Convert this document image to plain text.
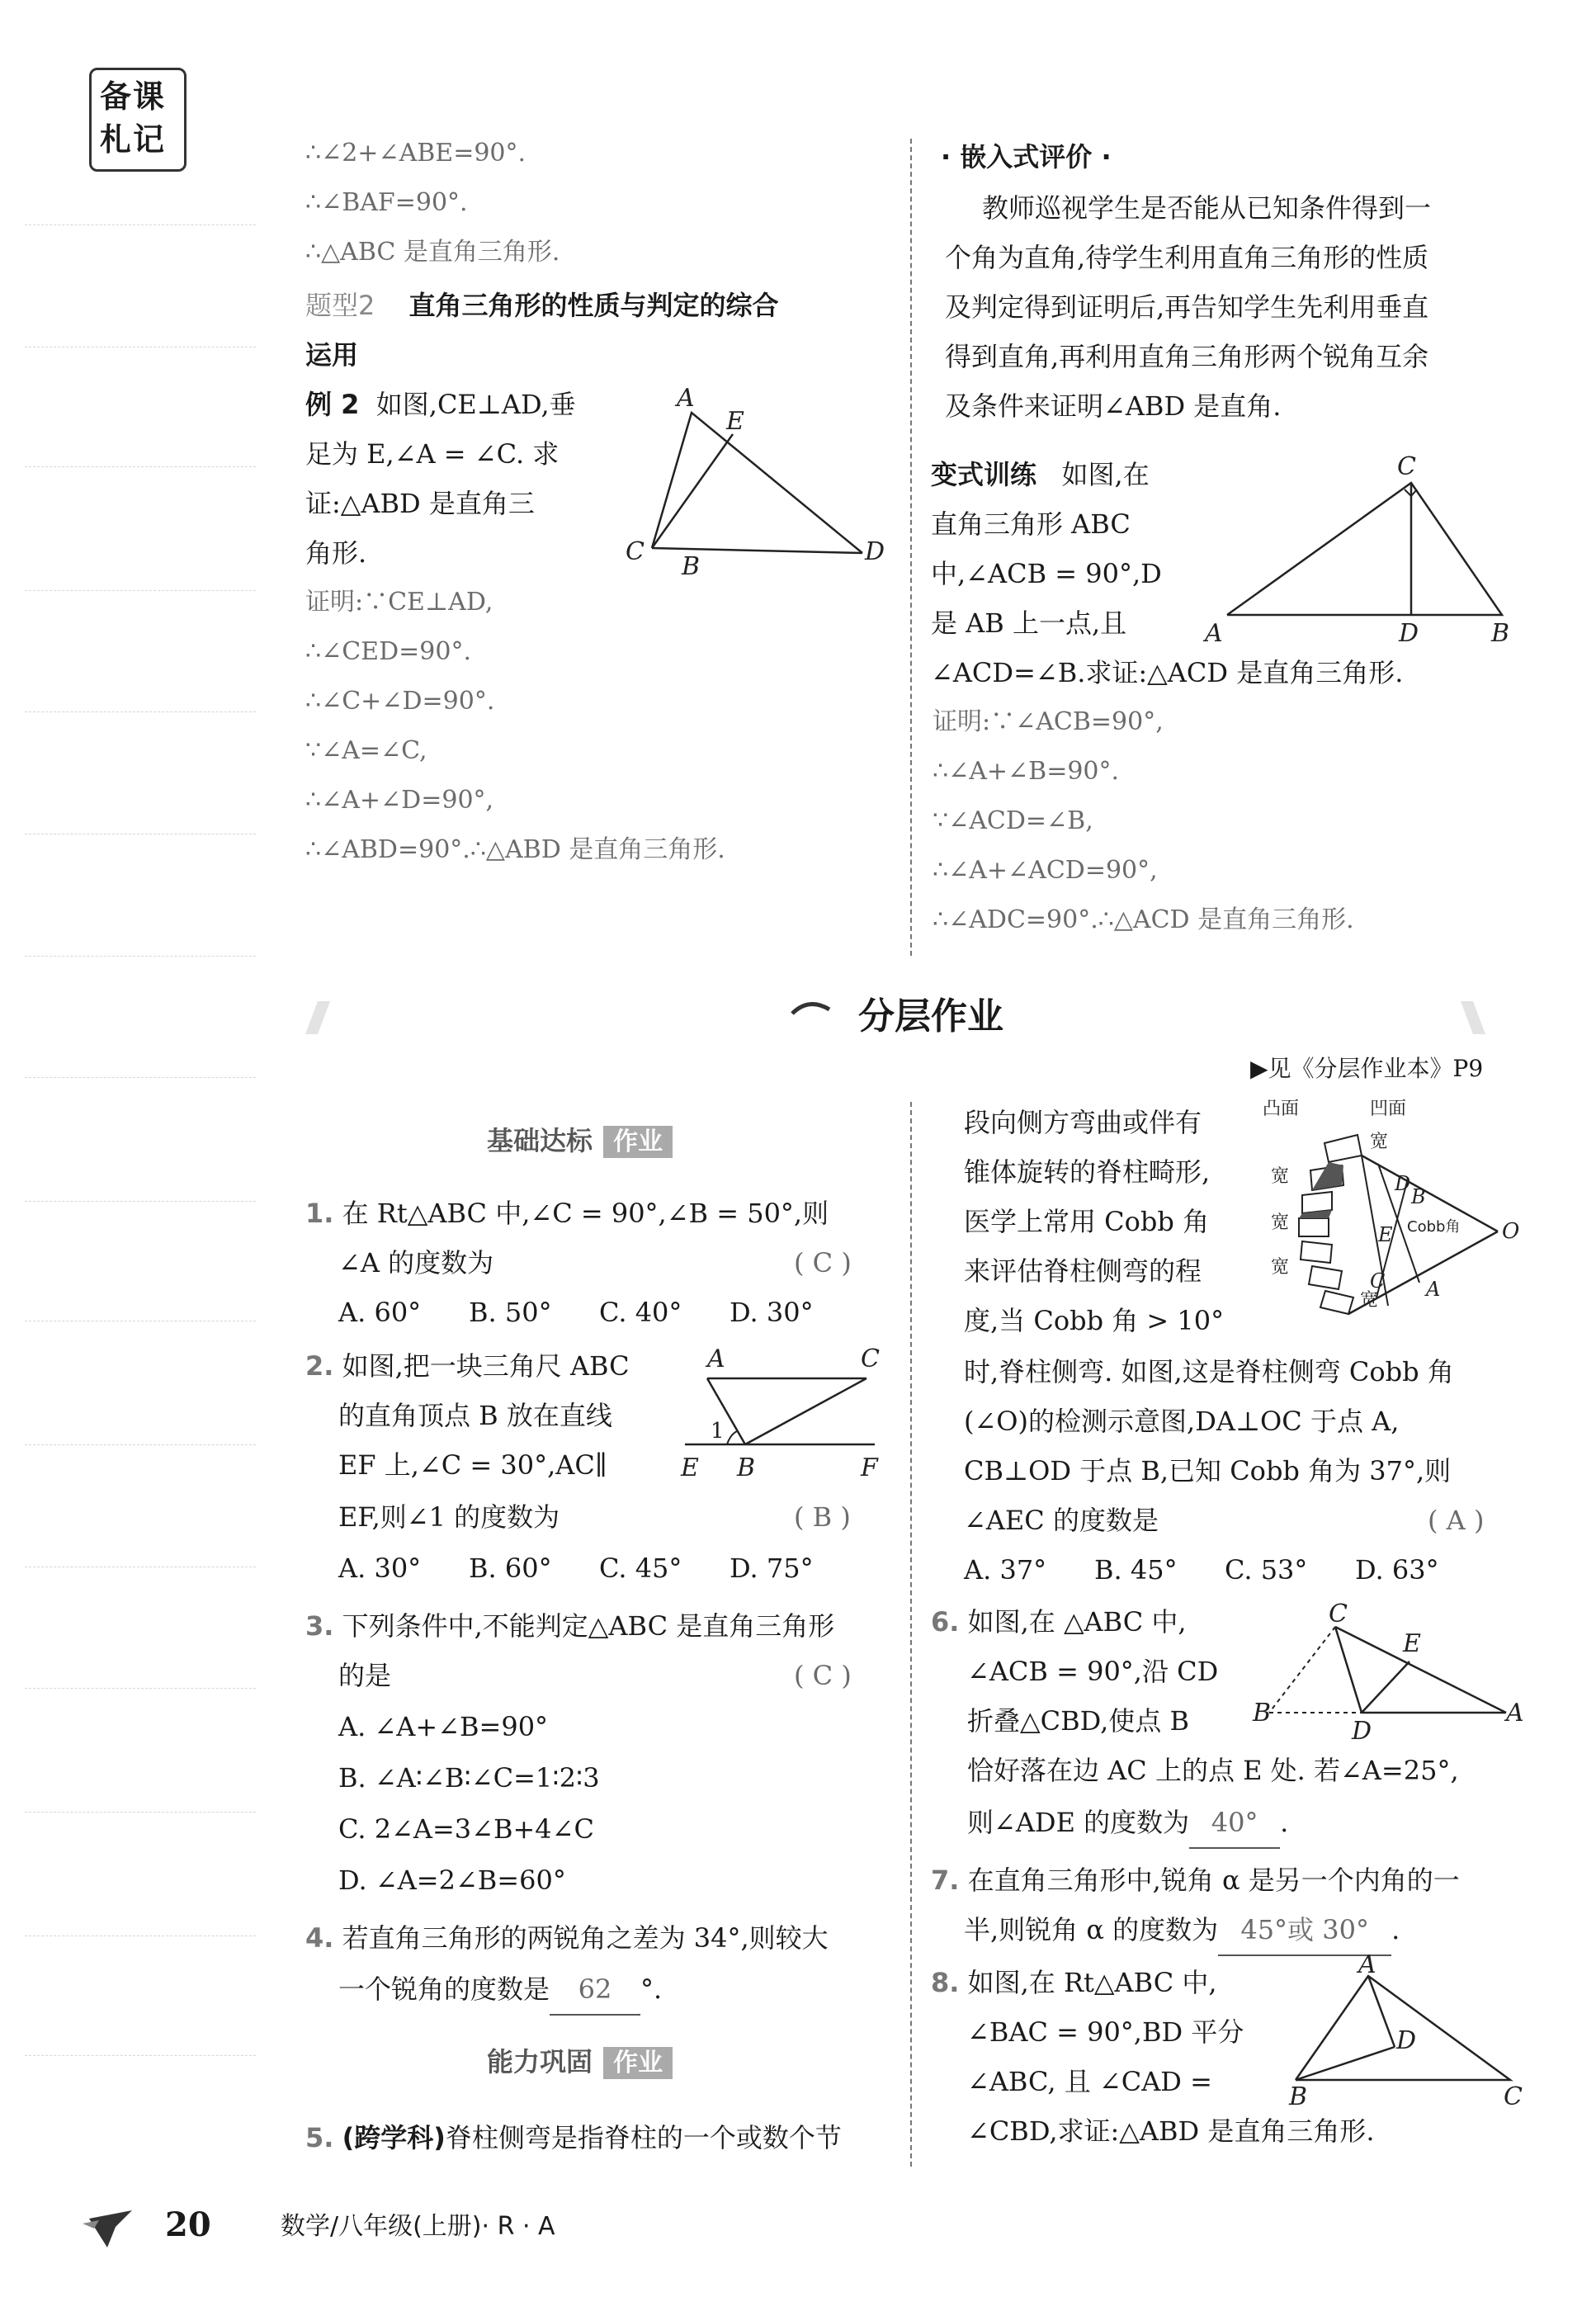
备课
札记	∴∠2+∠ABE=90°.
∴∠BAF=90°.
∴△ABC 是直角三角形.
题型2 直角三角形的性质与判定的综合
运用
例 2 如图,CE⊥AD,垂
足为 E,∠A = ∠C. 求
证:△ABD 是直角三
角形.
A
E
C
B
D
证明:∵CE⊥AD,
∴∠CED=90°.
∴∠C+∠D=90°.
∵∠A=∠C,
∴∠A+∠D=90°,
∴∠ABD=90°.∴△ABD 是直角三角形.
· 嵌入式评价 ·
教师巡视学生是否能从已知条件得到一
个角为直角,待学生利用直角三角形的性质
及判定得到证明后,再告知学生先利用垂直
得到直角,再利用直角三角形两个锐角互余
及条件来证明∠ABD 是直角.
变式训练 如图,在
直角三角形 ABC
中,∠ACB = 90°,D
是 AB 上一点,且
∠ACD=∠B.求证:△ACD 是直角三角形.
C
A	D	B
证明:∵∠ACB=90°,
∴∠A+∠B=90°.
∵∠ACD=∠B,
∴∠A+∠ACD=90°,
∴∠ADC=90°.∴△ACD 是直角三角形.
分层作业
▶见《分层作业本》P9
基础达标 作业
1. 在 Rt△ABC 中,∠C = 90°,∠B = 50°,则
∠A 的度数为	( C )
A. 60° B. 50° C. 40° D. 30°
2. 如图,把一块三角尺 ABC
的直角顶点 B 放在直线
EF 上,∠C = 30°,AC∥
EF,则∠1 的度数为	( B )
A. 30° B. 60° C. 45° D. 75°
A	C
1
E B	F
3. 下列条件中,不能判定△ABC 是直角三角形
的是	( C )
A. ∠A+∠B=90°
B. ∠A∶∠B∶∠C=1∶2∶3
C. 2∠A=3∠B+4∠C
D. ∠A=2∠B=60°
4. 若直角三角形的两锐角之差为 34°,则较大
一个锐角的度数是 62 °.
能力巩固 作业
5. (跨学科)脊柱侧弯是指脊柱的一个或数个节
段向侧方弯曲或伴有
锥体旋转的脊柱畸形,
医学上常用 Cobb 角
来评估脊柱侧弯的程
度,当 Cobb 角 > 10°
时,脊柱侧弯. 如图,这是脊柱侧弯 Cobb 角
(∠O)的检测示意图,DA⊥OC 于点 A,
CB⊥OD 于点 B,已知 Cobb 角为 37°,则
∠AEC 的度数是	( A )
A. 37° B. 45° C. 53° D. 63°
凸面	凹面
D
B
E
C A
O
Cobb角
宽
宽
宽
宽
宽
6. 如图,在 △ABC 中,
∠ACB = 90°,沿 CD
折叠△CBD,使点 B
恰好落在边 AC 上的点 E 处. 若∠A=25°,
则∠ADE 的度数为 40° .
C
E
B
D
A
7. 在直角三角形中,锐角 α 是另一个内角的一
半,则锐角 α 的度数为 45°或 30° .
8. 如图,在 Rt△ABC 中,
∠BAC = 90°,BD 平分
∠ABC, 且 ∠CAD =
∠CBD,求证:△ABD 是直角三角形.
A
D
B	C
20	数学/八年级(上册)· R · A
